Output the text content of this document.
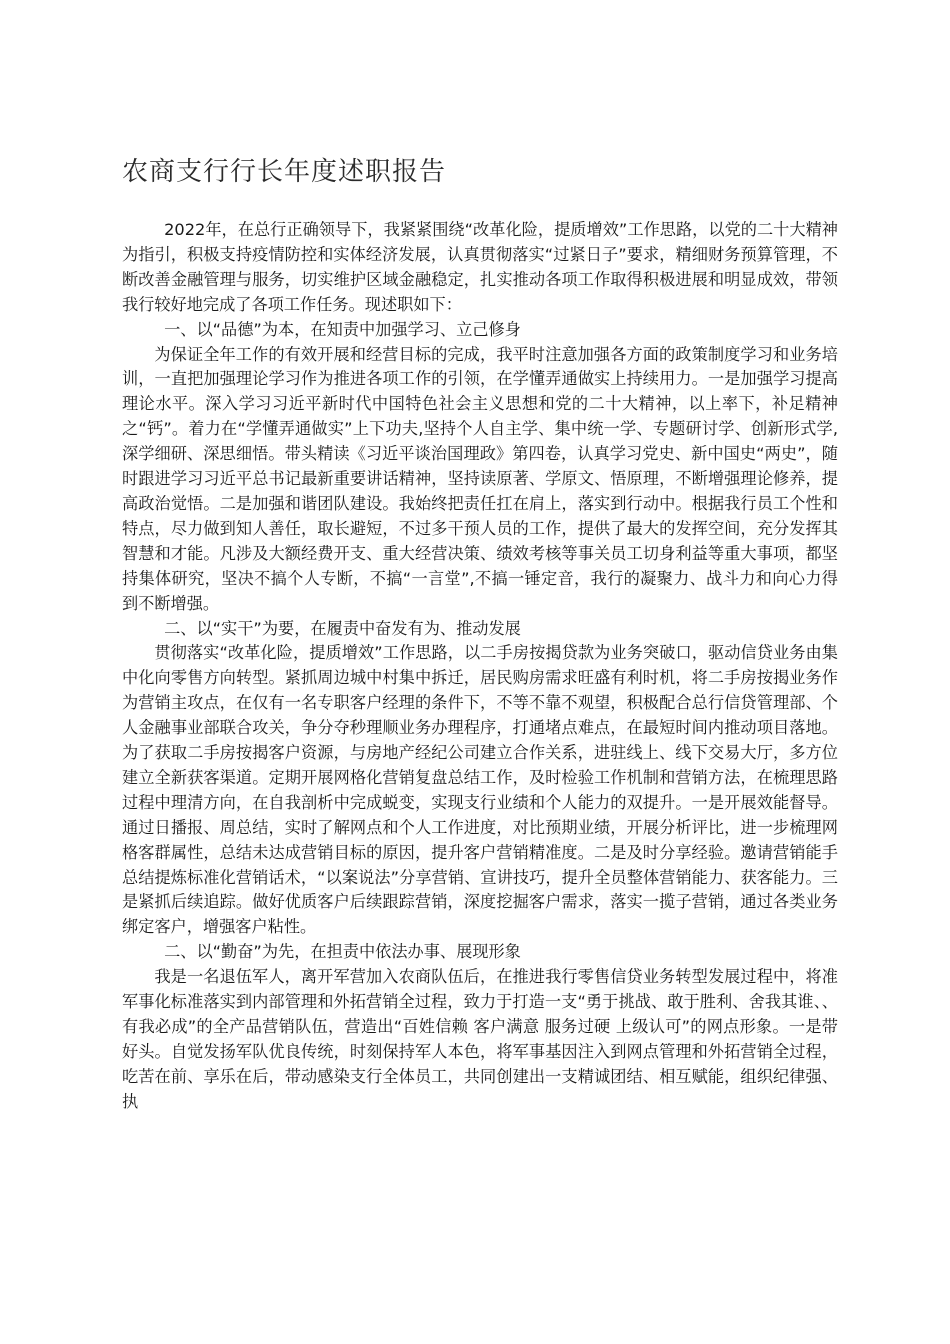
农商支行行长年度述职报告

2022年，在总行正确领导下，我紧紧围绕“改革化险，提质增效”工作思路，以党的二十大精神为指引，积极支持疫情防控和实体经济发展，认真贯彻落实“过紧日子”要求，精细财务预算管理，不断改善金融管理与服务，切实维护区域金融稳定，扎实推动各项工作取得积极进展和明显成效，带领我行较好地完成了各项工作任务。现述职如下：

一、以“品德”为本，在知责中加强学习、立己修身

为保证全年工作的有效开展和经营目标的完成，我平时注意加强各方面的政策制度学习和业务培训，一直把加强理论学习作为推进各项工作的引领，在学懂弄通做实上持续用力。一是加强学习提高理论水平。深入学习习近平新时代中国特色社会主义思想和党的二十大精神，以上率下，补足精神之“钙”。着力在“学懂弄通做实”上下功夫,坚持个人自主学、集中统一学、专题研讨学、创新形式学,深学细研、深思细悟。带头精读《习近平谈治国理政》第四卷，认真学习党史、新中国史“两史”，随时跟进学习习近平总书记最新重要讲话精神，坚持读原著、学原文、悟原理，不断增强理论修养，提高政治觉悟。二是加强和谐团队建设。我始终把责任扛在肩上，落实到行动中。根据我行员工个性和特点，尽力做到知人善任，取长避短，不过多干预人员的工作，提供了最大的发挥空间，充分发挥其智慧和才能。凡涉及大额经费开支、重大经营决策、绩效考核等事关员工切身利益等重大事项，都坚持集体研究，坚决不搞个人专断，不搞“一言堂”,不搞一锤定音，我行的凝聚力、战斗力和向心力得到不断增强。

二、以“实干”为要，在履责中奋发有为、推动发展

贯彻落实“改革化险，提质增效”工作思路，以二手房按揭贷款为业务突破口，驱动信贷业务由集中化向零售方向转型。紧抓周边城中村集中拆迁，居民购房需求旺盛有利时机，将二手房按揭业务作为营销主攻点，在仅有一名专职客户经理的条件下，不等不靠不观望，积极配合总行信贷管理部、个人金融事业部联合攻关，争分夺秒理顺业务办理程序，打通堵点难点，在最短时间内推动项目落地。为了获取二手房按揭客户资源，与房地产经纪公司建立合作关系，进驻线上、线下交易大厅，多方位建立全新获客渠道。定期开展网格化营销复盘总结工作，及时检验工作机制和营销方法，在梳理思路过程中理清方向，在自我剖析中完成蜕变，实现支行业绩和个人能力的双提升。一是开展效能督导。通过日播报、周总结，实时了解网点和个人工作进度，对比预期业绩，开展分析评比，进一步梳理网格客群属性，总结未达成营销目标的原因，提升客户营销精准度。二是及时分享经验。邀请营销能手总结提炼标准化营销话术，“以案说法”分享营销、宣讲技巧，提升全员整体营销能力、获客能力。三是紧抓后续追踪。做好优质客户后续跟踪营销，深度挖掘客户需求，落实一揽子营销，通过各类业务绑定客户，增强客户粘性。

二、以“勤奋”为先，在担责中依法办事、展现形象

我是一名退伍军人，离开军营加入农商队伍后，在推进我行零售信贷业务转型发展过程中，将准军事化标准落实到内部管理和外拓营销全过程，致力于打造一支“勇于挑战、敢于胜利、舍我其谁、、有我必成”的全产品营销队伍，营造出“百姓信赖 客户满意 服务过硬 上级认可”的网点形象。一是带好头。自觉发扬军队优良传统，时刻保持军人本色，将军事基因注入到网点管理和外拓营销全过程，吃苦在前、享乐在后，带动感染支行全体员工，共同创建出一支精诚团结、相互赋能，组织纪律强、执
